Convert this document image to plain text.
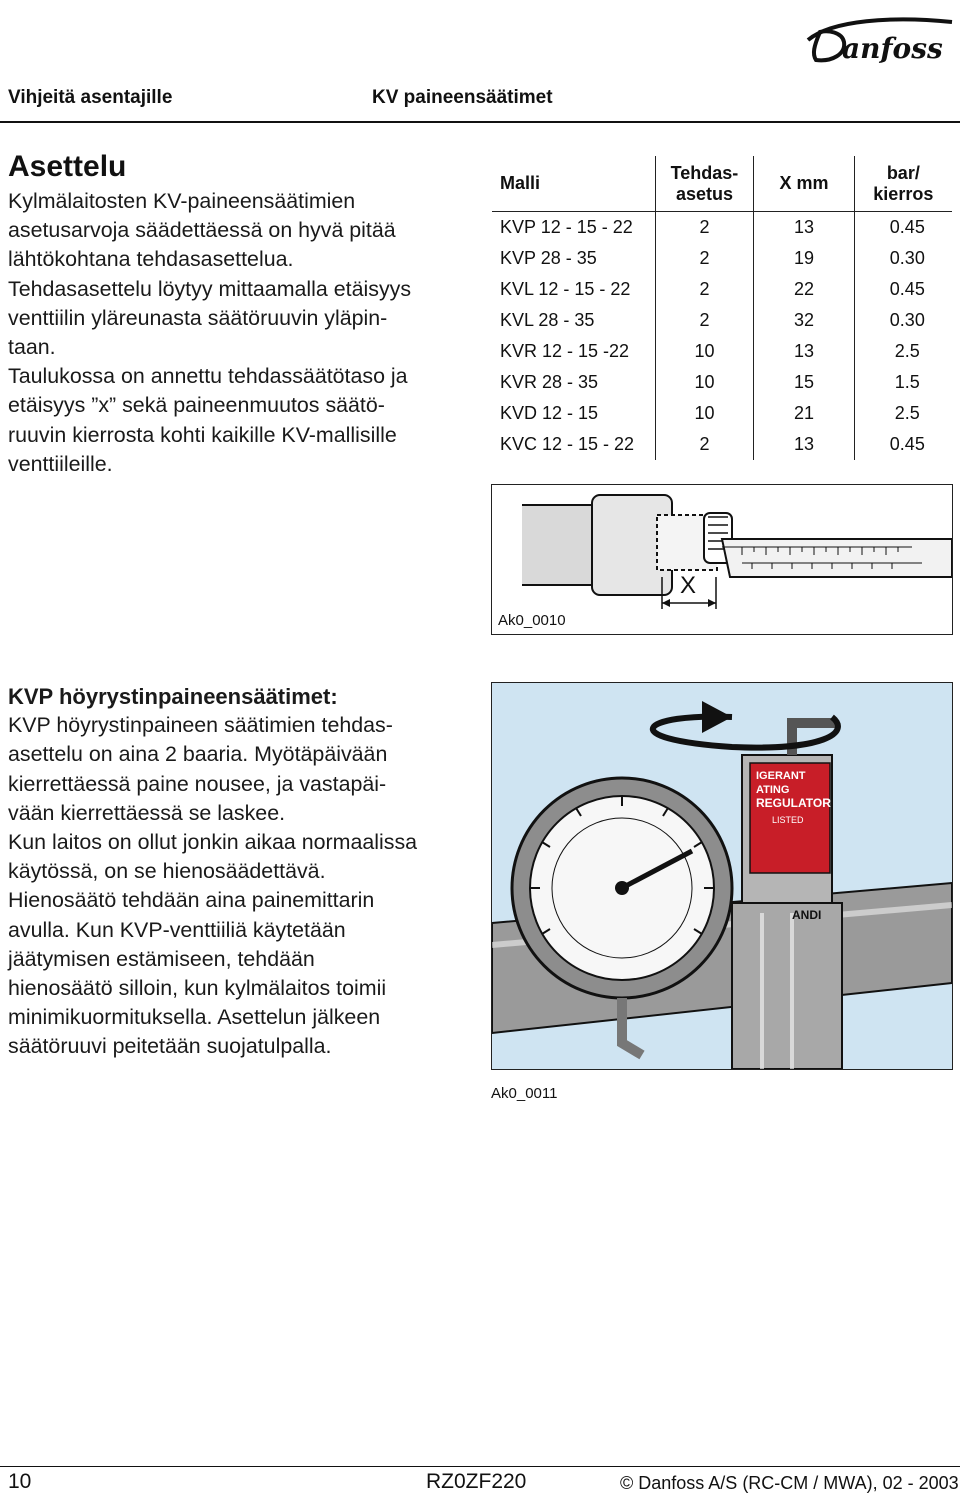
anfoss
Vihjeitä asentajille	KV paineensäätimet
Asettelu
Kylmälaitosten KV-paineensäätimien
asetusarvoja säädettäessä on hyvä pitää
lähtökohtana tehdasasettelua.
Tehdasasettelu löytyy mittaamalla etäisyys
venttiilin yläreunasta säätöruuvin yläpin-
taan.
Taulukossa on annettu tehdassäätötaso ja
etäisyys ”x” sekä paineenmuutos säätö-
ruuvin kierrosta kohti kaikille KV-mallisille
venttiileille.
Malli	Tehdas-
asetus	X mm	bar/
kierros
KVP 12 - 15 - 22	2	13	0.45
KVP 28 - 35	2	19	0.30
KVL 12 - 15 - 22	2	22	0.45
KVL 28 - 35	2	32	0.30
KVR 12 - 15 -22	10	13	2.5
KVR 28 - 35	10	15	1.5
KVD 12 - 15	10	21	2.5
KVC 12 - 15 - 22	2	13	0.45
X
Ak0_0010
KVP höyrystinpaineensäätimet:
KVP höyrystinpaineen säätimien tehdas-
asettelu on aina 2 baaria. Myötäpäivään
kierrettäessä paine nousee, ja vastapäi-
vään kierrettäessä se laskee.
Kun laitos on ollut jonkin aikaa normaalissa
käytössä, on se hienosäädettävä.
Hienosäätö tehdään aina painemittarin
avulla. Kun KVP-venttiiliä käytetään
jäätymisen estämiseen, tehdään
hienosäätö silloin, kun kylmälaitos toimii
minimikuormituksella. Asettelun jälkeen
säätöruuvi peitetään suojatulpalla.
IGERANT
ATING
REGULATOR
LISTED
ANDI
Ak0_0011
10	RZ0ZF220	© Danfoss A/S (RC-CM / MWA), 02 - 2003
